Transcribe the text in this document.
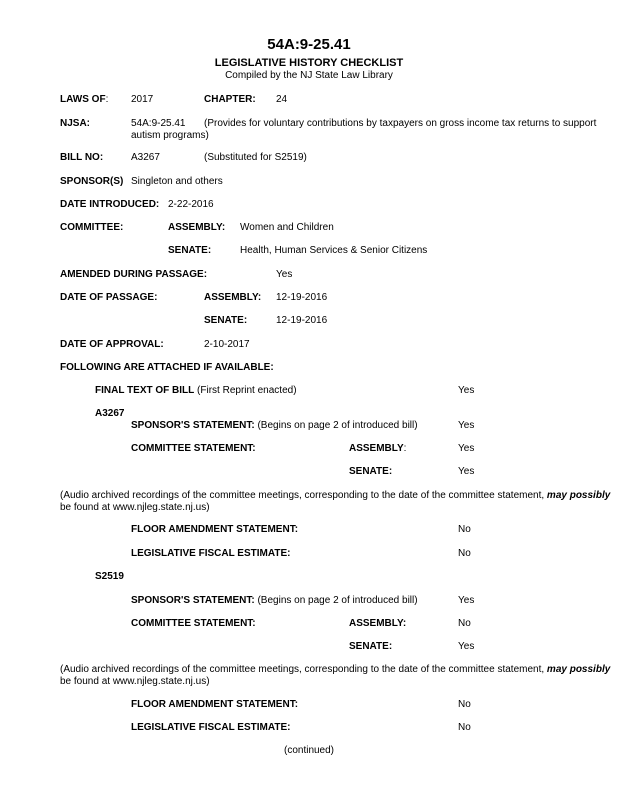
54A:9-25.41
LEGISLATIVE HISTORY CHECKLIST
Compiled by the NJ State Law Library
LAWS OF: 2017	CHAPTER: 24
NJSA:	54A:9-25.41 (Provides for voluntary contributions by taxpayers on gross income tax returns to support
autism programs)
BILL NO:	A3267	(Substituted for S2519)
SPONSOR(S) Singleton and others
DATE INTRODUCED: 2-22-2016
COMMITTEE:	ASSEMBLY: Women and Children
SENATE:	Health, Human Services & Senior Citizens
AMENDED DURING PASSAGE:	Yes
DATE OF PASSAGE:	ASSEMBLY: 12-19-2016
SENATE:	12-19-2016
DATE OF APPROVAL:	2-10-2017
FOLLOWING ARE ATTACHED IF AVAILABLE:
FINAL TEXT OF BILL (First Reprint enacted)	Yes
A3267
SPONSOR'S STATEMENT: (Begins on page 2 of introduced bill)	Yes
COMMITTEE STATEMENT:	ASSEMBLY:	Yes
SENATE:	Yes
(Audio archived recordings of the committee meetings, corresponding to the date of the committee statement, may possibly
be found at www.njleg.state.nj.us)
FLOOR AMENDMENT STATEMENT:	No
LEGISLATIVE FISCAL ESTIMATE:	No
S2519
SPONSOR'S STATEMENT: (Begins on page 2 of introduced bill)	Yes
COMMITTEE STATEMENT:	ASSEMBLY:	No
SENATE:	Yes
(Audio archived recordings of the committee meetings, corresponding to the date of the committee statement, may possibly
be found at www.njleg.state.nj.us)
FLOOR AMENDMENT STATEMENT:	No
LEGISLATIVE FISCAL ESTIMATE:	No
(continued)
